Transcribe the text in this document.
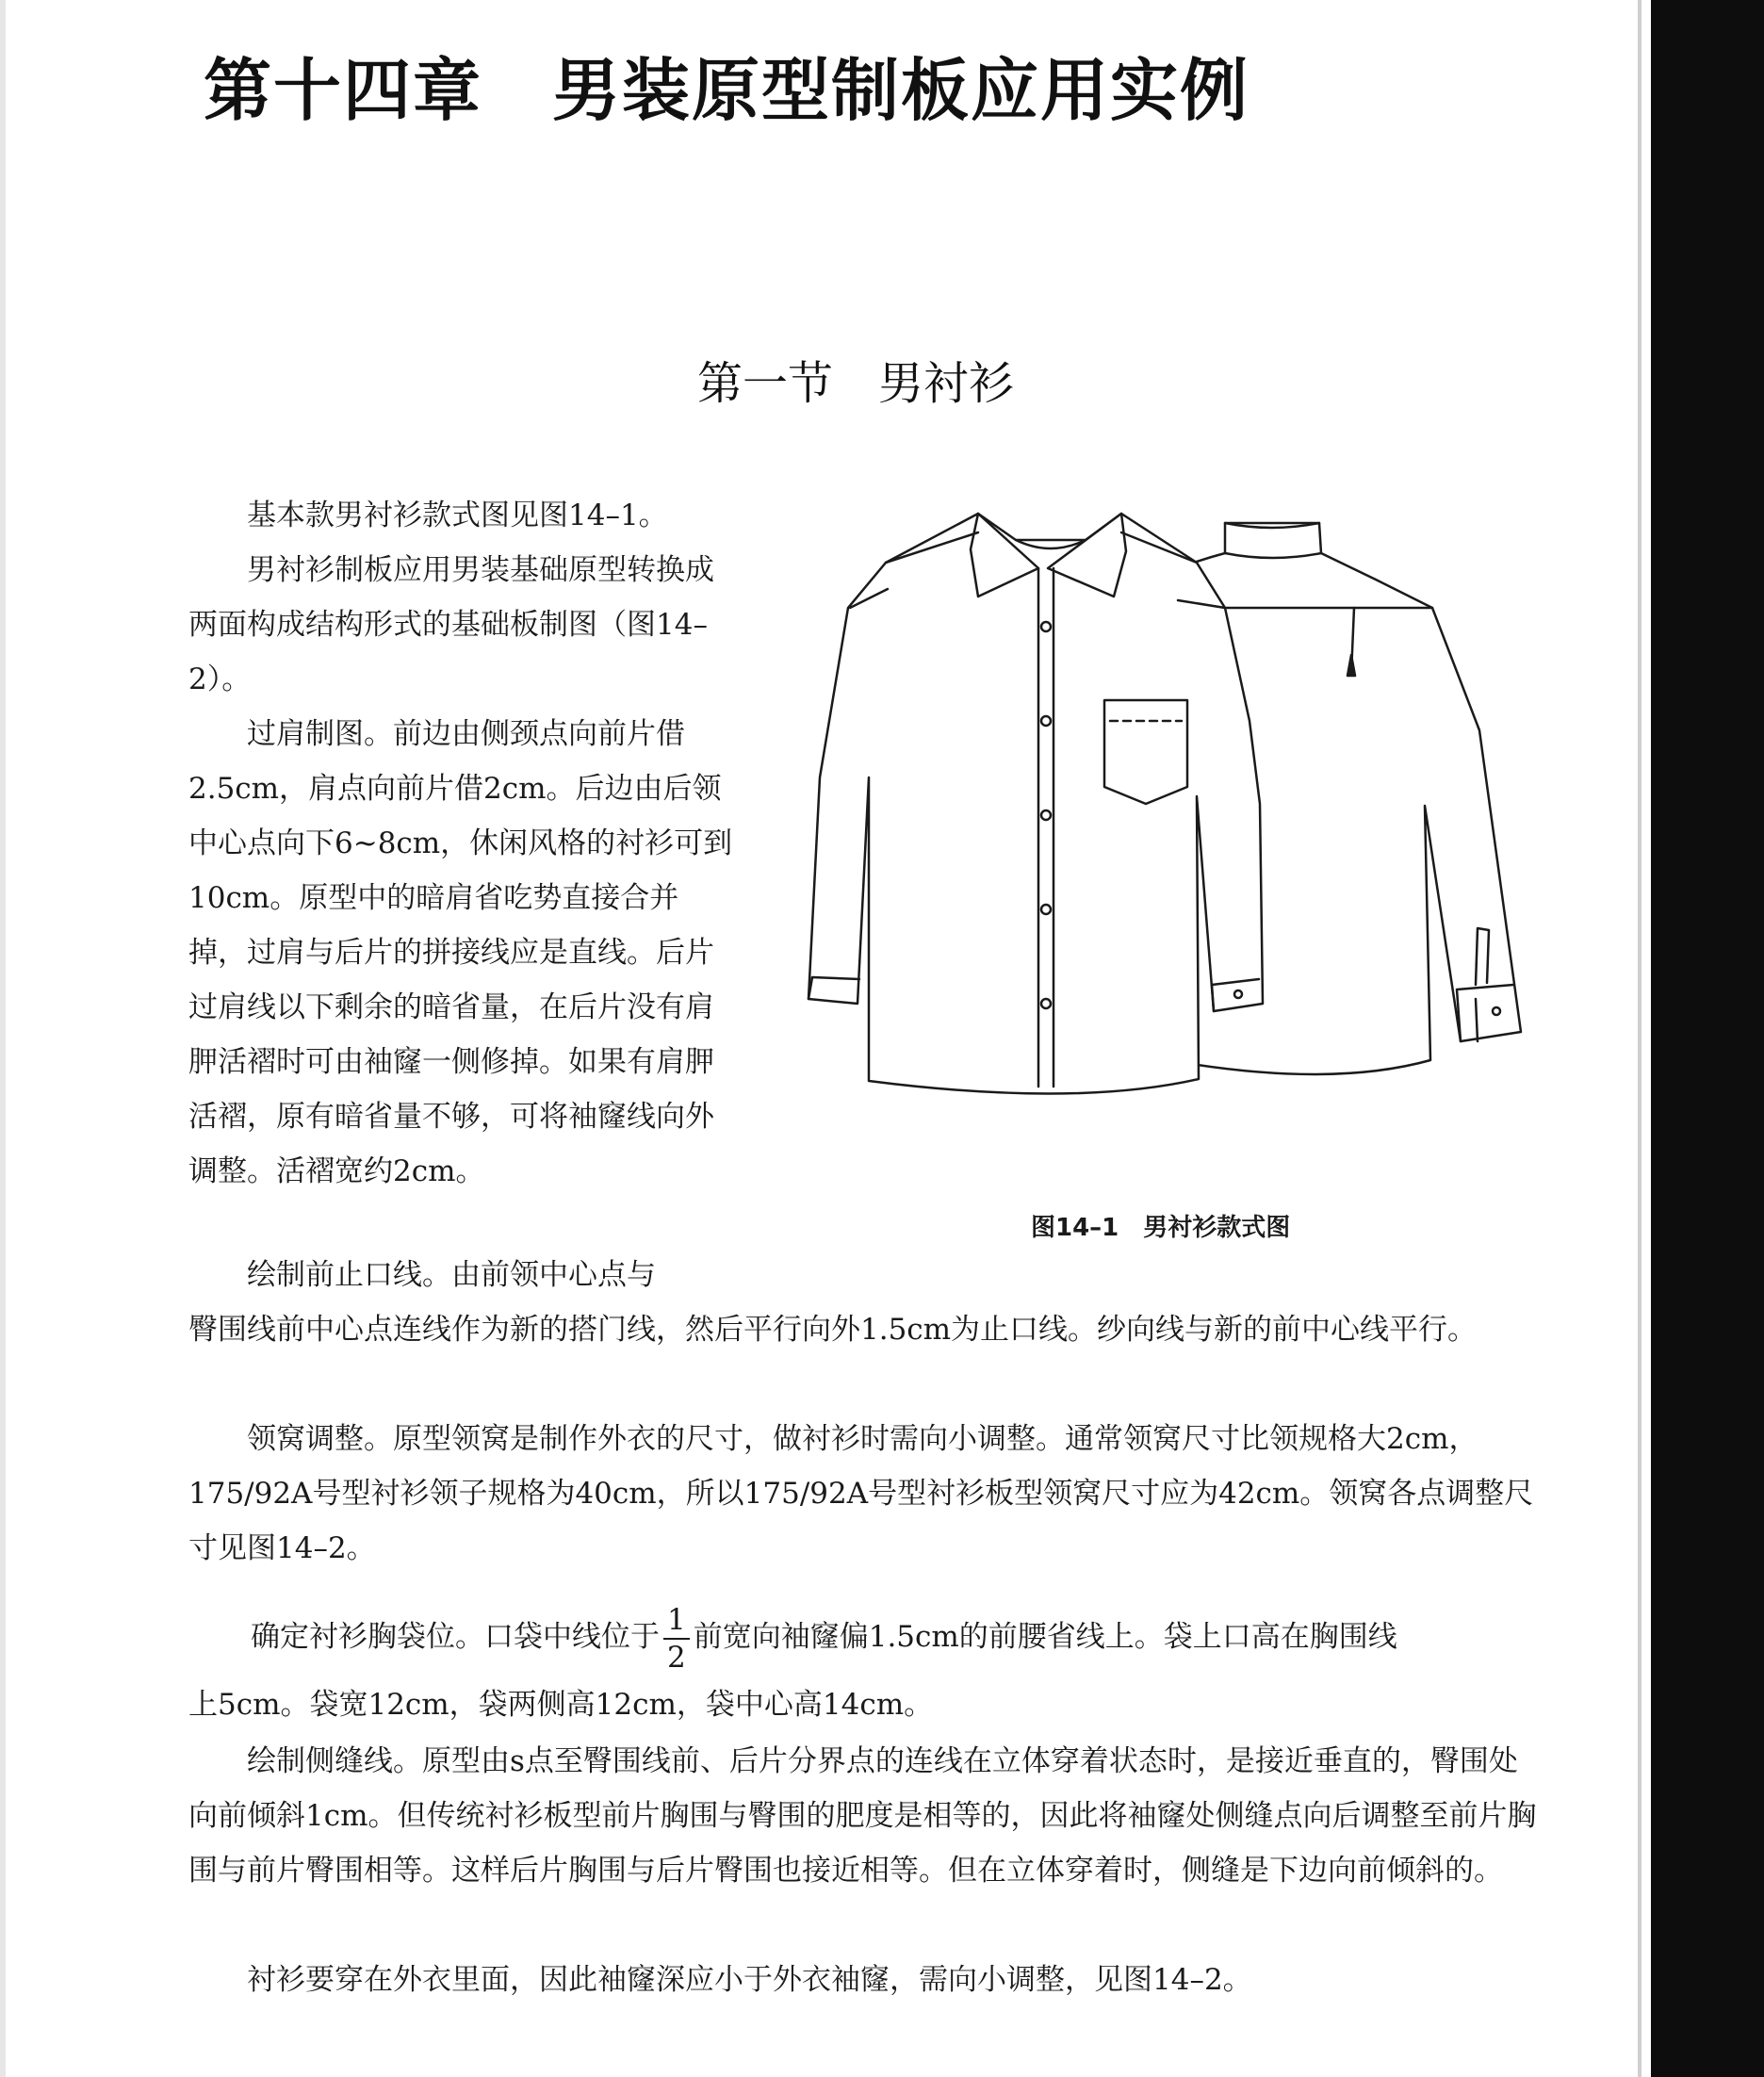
第十四章　男装原型制板应用实例
第一节　男衬衫

基本款男衬衫款式图见图14–1。

男衬衫制板应用男装基础原型转换成两面构成结构形式的基础板制图（图14–2）。

过肩制图。前边由侧颈点向前片借2.5cm，肩点向前片借2cm。后边由后领中心点向下6~8cm，休闲风格的衬衫可到10cm。原型中的暗肩省吃势直接合并掉，过肩与后片的拼接线应是直线。后片过肩线以下剩余的暗省量，在后片没有肩胛活褶时可由袖窿一侧修掉。如果有肩胛活褶，原有暗省量不够，可将袖窿线向外调整。活褶宽约2cm。

绘制前止口线。由前领中心点与

臀围线前中心点连线作为新的搭门线，然后平行向外1.5cm为止口线。纱向线与新的前中心线平行。

领窝调整。原型领窝是制作外衣的尺寸，做衬衫时需向小调整。通常领窝尺寸比领规格大2cm，175/92A号型衬衫领子规格为40cm，所以175/92A号型衬衫板型领窝尺寸应为42cm。领窝各点调整尺寸见图14–2。

确定衬衫胸袋位。口袋中线位于 $\frac{1}{2}$ 前宽向袖窿偏1.5cm的前腰省线上。袋上口高在胸围线

上5cm。袋宽12cm，袋两侧高12cm，袋中心高14cm。

绘制侧缝线。原型由s点至臀围线前、后片分界点的连线在立体穿着状态时，是接近垂直的，臀围处向前倾斜1cm。但传统衬衫板型前片胸围与臀围的肥度是相等的，因此将袖窿处侧缝点向后调整至前片胸围与前片臀围相等。这样后片胸围与后片臀围也接近相等。但在立体穿着时，侧缝是下边向前倾斜的。

衬衫要穿在外衣里面，因此袖窿深应小于外衣袖窿，需向小调整，见图14–2。

图14–1　男衬衫款式图
